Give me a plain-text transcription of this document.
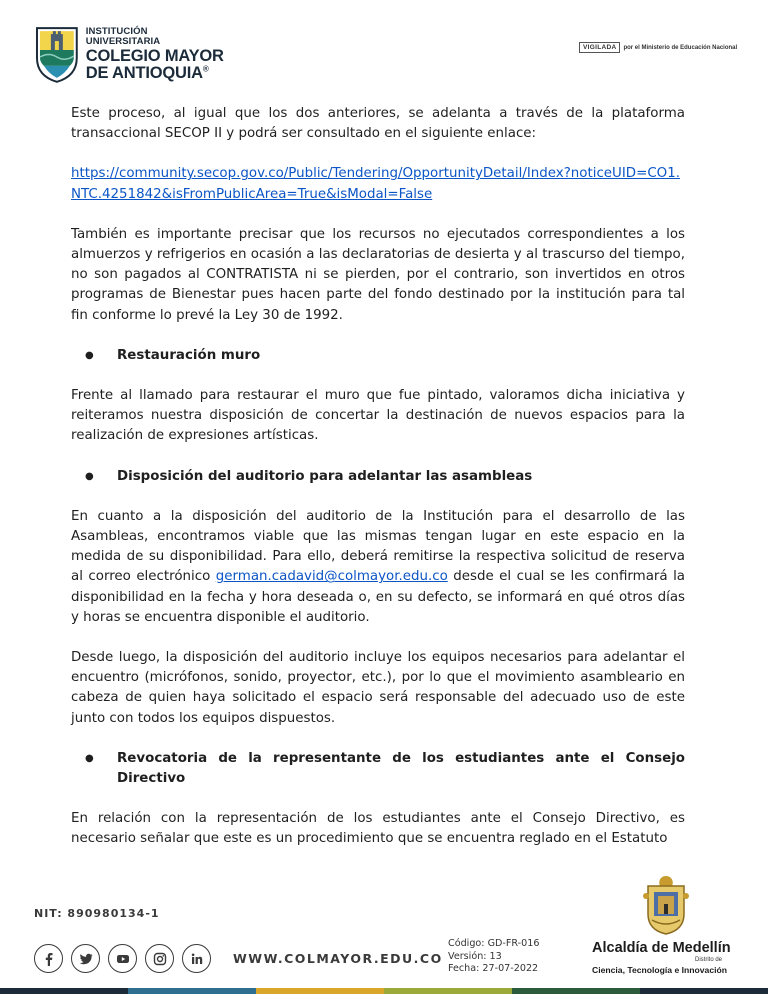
INSTITUCIÓN UNIVERSITARIA
COLEGIO MAYOR
DE ANTIOQUIA®
VIGILADA	por el Ministerio de Educación Nacional

Este proceso, al igual que los dos anteriores, se adelanta a través de la plataforma transaccional SECOP II y podrá ser consultado en el siguiente enlace:

https://community.secop.gov.co/Public/Tendering/OpportunityDetail/Index?noticeUID=CO1.NTC.4251842&isFromPublicArea=True&isModal=False

También es importante precisar que los recursos no ejecutados correspondientes a los almuerzos y refrigerios en ocasión a las declaratorias de desierta y al trascurso del tiempo, no son pagados al CONTRATISTA ni se pierden, por el contrario, son invertidos en otros programas de Bienestar pues hacen parte del fondo destinado por la institución para tal fin conforme lo prevé la Ley 30 de 1992.

●	Restauración muro

Frente al llamado para restaurar el muro que fue pintado, valoramos dicha iniciativa y reiteramos nuestra disposición de concertar la destinación de nuevos espacios para la realización de expresiones artísticas.

●	Disposición del auditorio para adelantar las asambleas

En cuanto a la disposición del auditorio de la Institución para el desarrollo de las Asambleas, encontramos viable que las mismas tengan lugar en este espacio en la medida de su disponibilidad. Para ello, deberá remitirse la respectiva solicitud de reserva al correo electrónico german.cadavid@colmayor.edu.co desde el cual se les confirmará la disponibilidad en la fecha y hora deseada o, en su defecto, se informará en qué otros días y horas se encuentra disponible el auditorio.

Desde luego, la disposición del auditorio incluye los equipos necesarios para adelantar el encuentro (micrófonos, sonido, proyector, etc.), por lo que el movimiento asambleario en cabeza de quien haya solicitado el espacio será responsable del adecuado uso de este junto con todos los equipos dispuestos.

●	Revocatoria de la representante de los estudiantes ante el Consejo Directivo

En relación con la representación de los estudiantes ante el Consejo Directivo, es necesario señalar que este es un procedimiento que se encuentra reglado en el Estatuto

NIT: 890980134-1
WWW.COLMAYOR.EDU.CO
Código: GD-FR-016
Versión: 13
Fecha: 27-07-2022
Alcaldía de Medellín
Distrito de
Ciencia, Tecnología e Innovación
